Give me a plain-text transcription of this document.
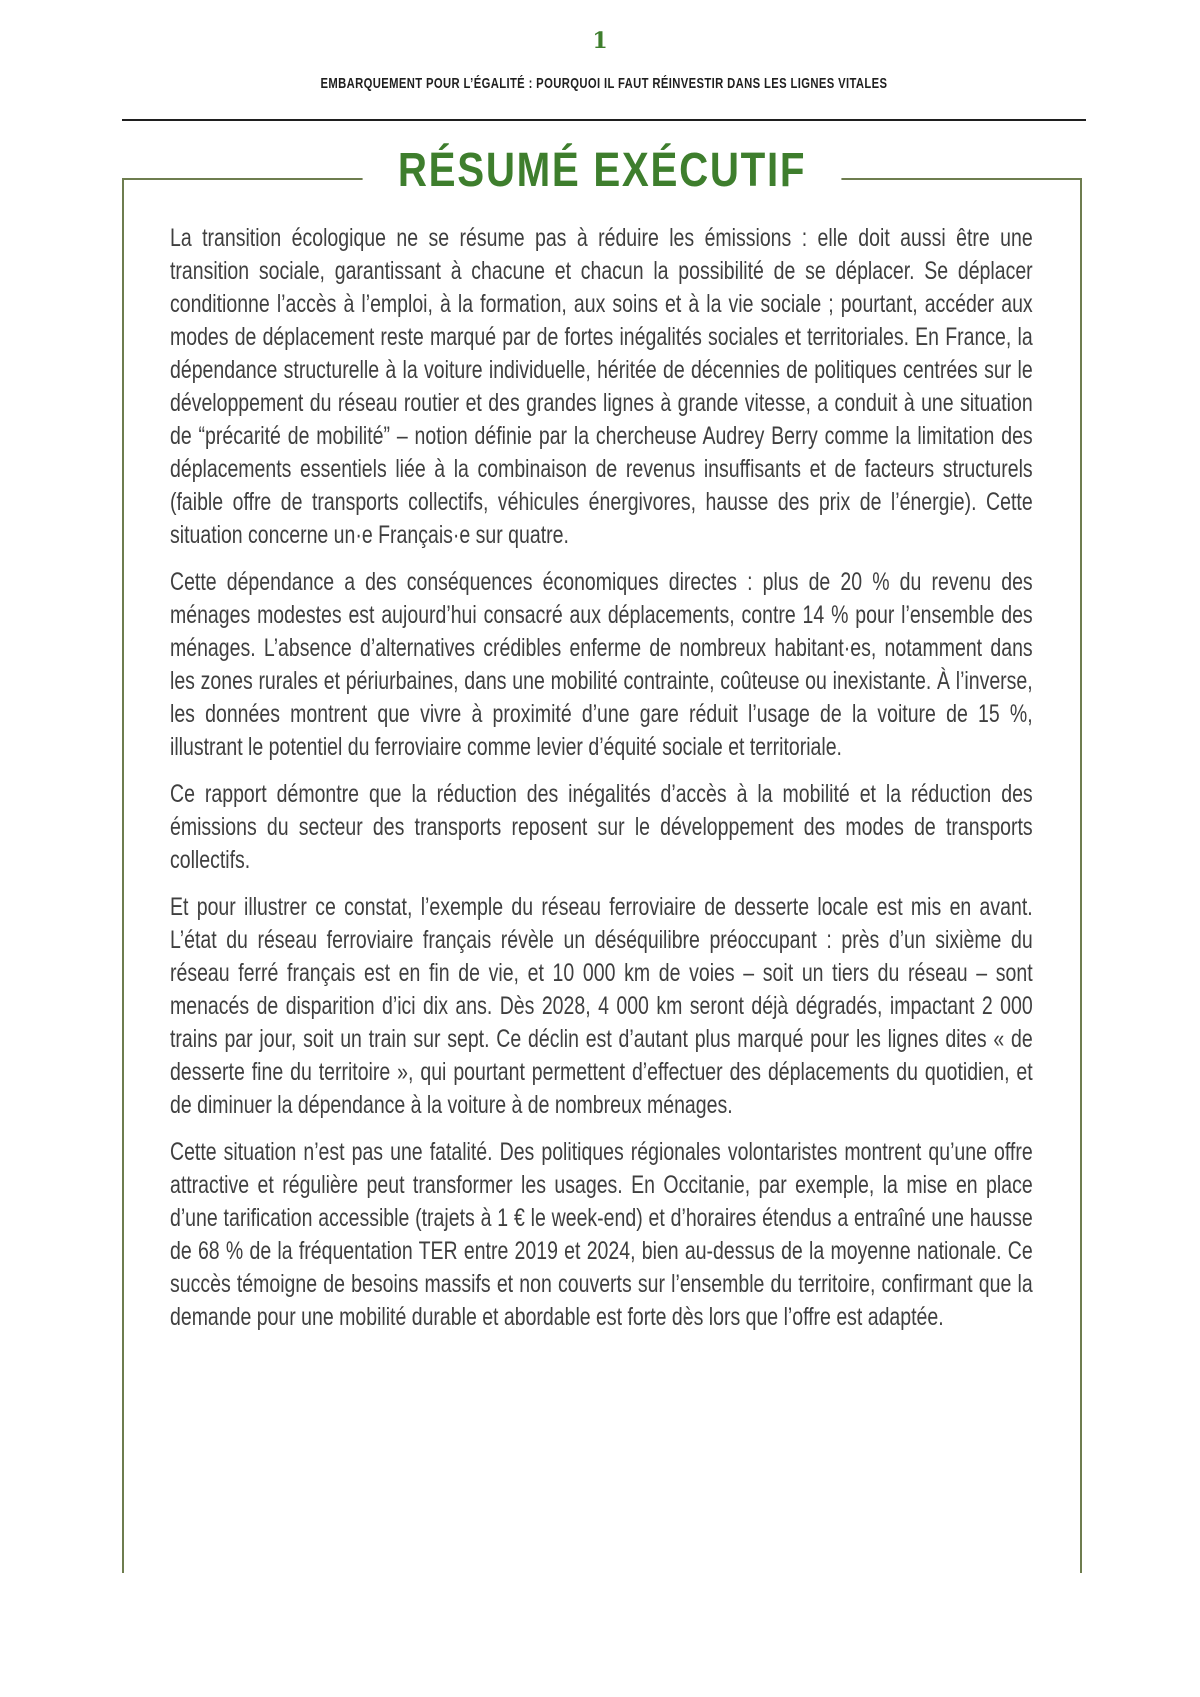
1
EMBARQUEMENT POUR L’ÉGALITÉ : POURQUOI IL FAUT RÉINVESTIR DANS LES LIGNES VITALES
RÉSUMÉ EXÉCUTIF

La transition écologique ne se résume pas à réduire les émissions : elle doit aussi être une transition sociale, garantissant à chacune et chacun la possibilité de se déplacer. Se déplacer conditionne l’accès à l’emploi, à la formation, aux soins et à la vie sociale ; pourtant, accéder aux modes de déplacement reste marqué par de fortes inégalités sociales et territoriales. En France, la dépendance structurelle à la voiture individuelle, héritée de décennies de politiques centrées sur le développement du réseau routier et des grandes lignes à grande vitesse, a conduit à une situation de “précarité de mobilité” – notion définie par la chercheuse Audrey Berry comme la limitation des déplacements essentiels liée à la combinaison de revenus insuffisants et de facteurs structurels (faible offre de transports collectifs, véhicules énergivores, hausse des prix de l’énergie). Cette situation concerne un·e Français·e sur quatre.

Cette dépendance a des conséquences économiques directes : plus de 20 % du revenu des ménages modestes est aujourd’hui consacré aux déplacements, contre 14 % pour l’ensemble des ménages. L’absence d’alternatives crédibles enferme de nombreux habitant·es, notamment dans les zones rurales et périurbaines, dans une mobilité contrainte, coûteuse ou inexistante. À l’inverse, les données montrent que vivre à proximité d’une gare réduit l’usage de la voiture de 15 %, illustrant le potentiel du ferroviaire comme levier d’équité sociale et territoriale.

Ce rapport démontre que la réduction des inégalités d’accès à la mobilité et la réduction des émissions du secteur des transports reposent sur le développement des modes de transports collectifs.

Et pour illustrer ce constat, l’exemple du réseau ferroviaire de desserte locale est mis en avant. L’état du réseau ferroviaire français révèle un déséquilibre préoccupant : près d’un sixième du réseau ferré français est en fin de vie, et 10 000 km de voies – soit un tiers du réseau – sont menacés de disparition d’ici dix ans. Dès 2028, 4 000 km seront déjà dégradés, impactant 2 000 trains par jour, soit un train sur sept. Ce déclin est d’autant plus marqué pour les lignes dites « de desserte fine du territoire », qui pourtant permettent d’effectuer des déplacements du quotidien, et de diminuer la dépendance à la voiture à de nombreux ménages.

Cette situation n’est pas une fatalité. Des politiques régionales volontaristes montrent qu’une offre attractive et régulière peut transformer les usages. En Occitanie, par exemple, la mise en place d’une tarification accessible (trajets à 1 € le week-end) et d’horaires étendus a entraîné une hausse de 68 % de la fréquentation TER entre 2019 et 2024, bien au-dessus de la moyenne nationale. Ce succès témoigne de besoins massifs et non couverts sur l’ensemble du territoire, confirmant que la demande pour une mobilité durable et abordable est forte dès lors que l’offre est adaptée.
